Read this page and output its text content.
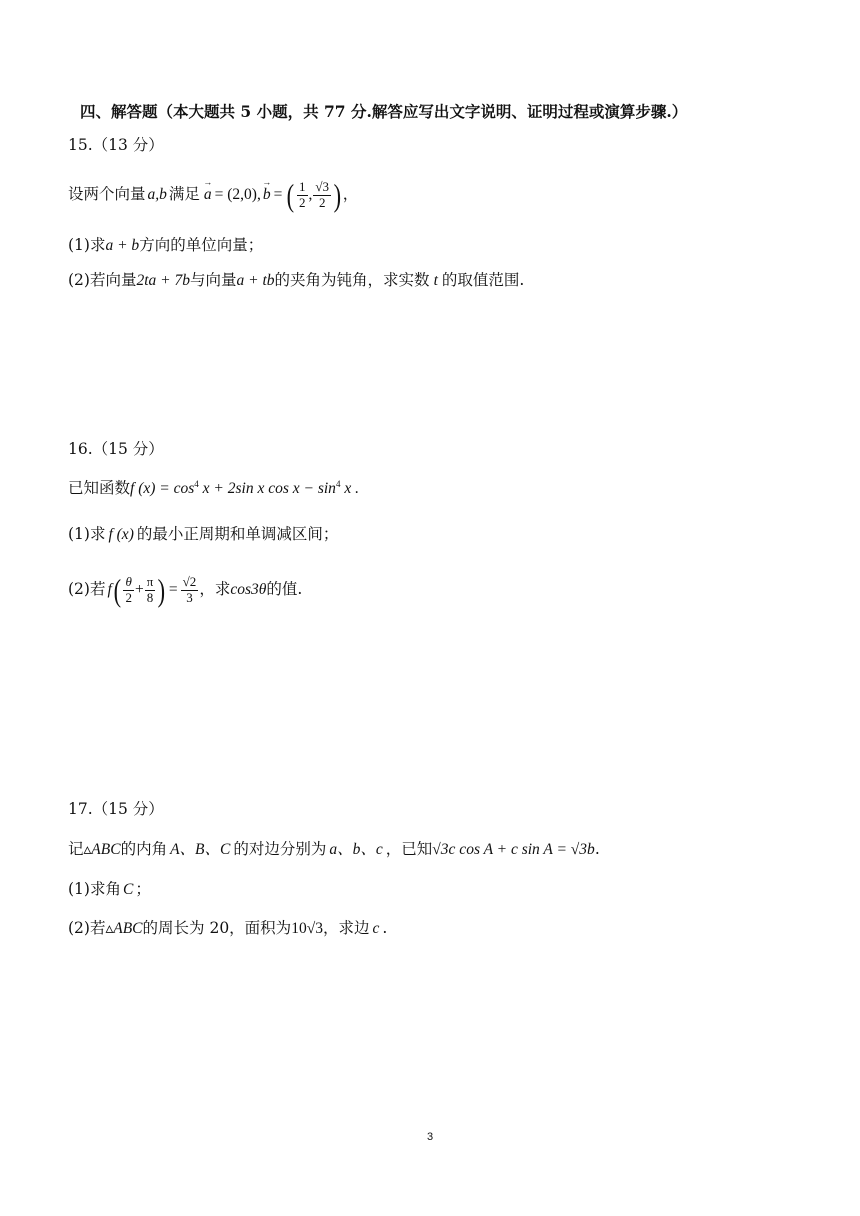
四、解答题（本大题共 5 小题，共 77 分.解答应写出文字说明、证明过程或演算步骤.）
15.（13 分）
设两个向量 a,b 满足 → a = (2,0), → b = ( $\frac{1}{2}$ , $\frac{√3}{2}$ ) ，
(1)求a + b方向的单位向量；
(2)若向量2ta + 7b与向量a + tb的夹角为钝角，求实数 t 的取值范围.
16.（15 分）
已知函数f $(x) = \cos^4 x + 2\sin$ x $\cos x - \sin^4 x$ .
(1)求 f (x) 的最小正周期和单调减区间；
(2)若 f ( $\frac{\theta}{2} + \frac{\pi}{8}$ ) = $\frac{√2}{3}$ ，求 cos3θ 的值.
17.（15 分）
记▵ABC的内角 A、B、C 的对边分别为 a、b、c ，已知√3c cos A + c sin A = √3b.
(1)求角 C ；
(2)若▵ABC的周长为 20，面积为10√3，求边 c .
3
